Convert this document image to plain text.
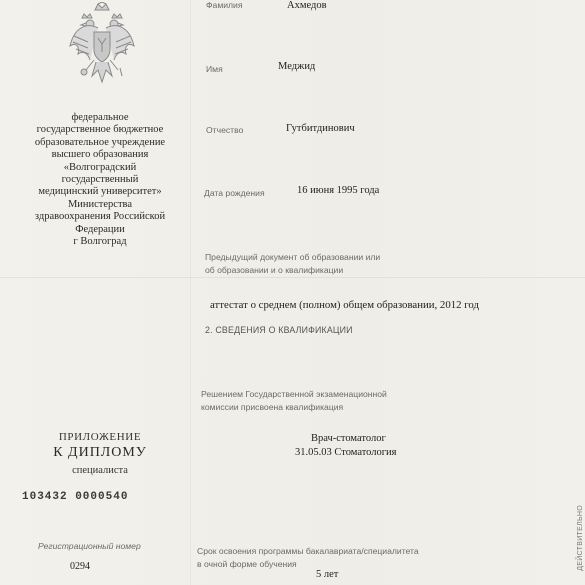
федеральное
государственное бюджетное
образовательное учреждение
высшего образования
«Волгоградский
государственный
медицинский университет»
Министерства
здравоохранения Российской
Федерации
г Волгоград
ПРИЛОЖЕНИЕ
К ДИПЛОМУ
специалиста
103432 0000540
Регистрационный номер
0294
Фамилия	Ахмедов
Имя	Меджид
Отчество	Гутбитдинович
Дата рождения	16 июня 1995 года
Предыдущий документ об образовании или
об образовании и о квалификации
аттестат о среднем (полном) общем образовании, 2012 год
2. СВЕДЕНИЯ О КВАЛИФИКАЦИИ
Решением Государственной экзаменационной
комиссии присвоена квалификация
Врач-стоматолог
31.05.03 Стоматология
Срок освоения программы бакалавриата/специалитета
в очной форме обучения
5 лет
ДЕЙСТВИТЕЛЬНО
